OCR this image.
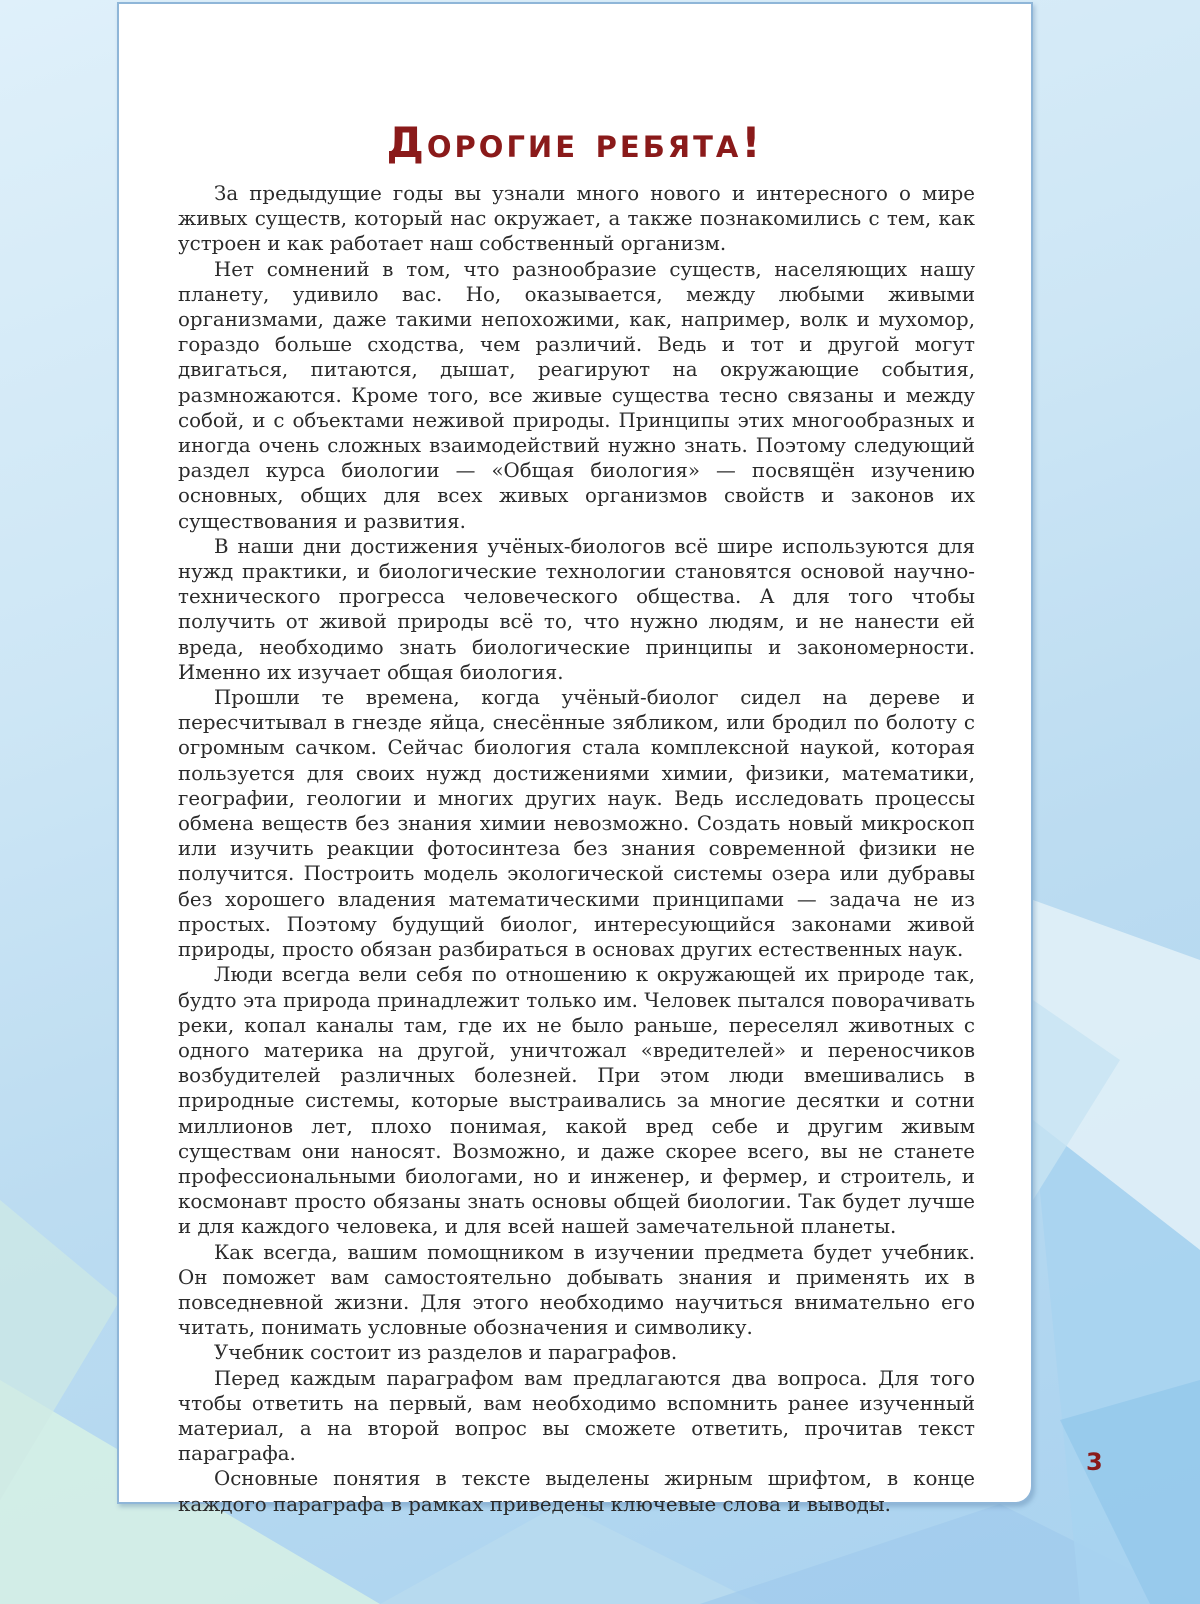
Дорогие ребята!

За предыдущие годы вы узнали много нового и интересного о мире живых существ, который нас окружает, а также познакомились с тем, как устроен и как работает наш собственный организм.

Нет сомнений в том, что разнообразие существ, населяющих нашу планету, удивило вас. Но, оказывается, между любыми живыми организмами, даже такими непохожими, как, например, волк и мухомор, гораздо больше сходства, чем различий. Ведь и тот и другой могут двигаться, питаются, дышат, реагируют на окружающие события, размножаются. Кроме того, все живые существа тесно связаны и между собой, и с объектами неживой природы. Принципы этих многообразных и иногда очень сложных взаимодействий нужно знать. Поэтому следующий раздел курса биологии — «Общая биология» — посвящён изучению основных, общих для всех живых организмов свойств и законов их существования и развития.

В наши дни достижения учёных-биологов всё шире используются для нужд практики, и биологические технологии становятся основой научно-технического прогресса человеческого общества. А для того чтобы получить от живой природы всё то, что нужно людям, и не нанести ей вреда, необходимо знать биологические принципы и закономерности. Именно их изучает общая биология.

Прошли те времена, когда учёный-биолог сидел на дереве и пересчитывал в гнезде яйца, снесённые зябликом, или бродил по болоту с огромным сачком. Сейчас биология стала комплексной наукой, которая пользуется для своих нужд достижениями химии, физики, математики, географии, геологии и многих других наук. Ведь исследовать процессы обмена веществ без знания химии невозможно. Создать новый микроскоп или изучить реакции фотосинтеза без знания современной физики не получится. Построить модель экологической системы озера или дубравы без хорошего владения математическими принципами — задача не из простых. Поэтому будущий биолог, интересующийся законами живой природы, просто обязан разбираться в основах других естественных наук.

Люди всегда вели себя по отношению к окружающей их природе так, будто эта природа принадлежит только им. Человек пытался поворачивать реки, копал каналы там, где их не было раньше, переселял животных с одного материка на другой, уничтожал «вредителей» и переносчиков возбудителей различных болезней. При этом люди вмешивались в природные системы, которые выстраивались за многие десятки и сотни миллионов лет, плохо понимая, какой вред себе и другим живым существам они наносят. Возможно, и даже скорее всего, вы не станете профессиональными биологами, но и инженер, и фермер, и строитель, и космонавт просто обязаны знать основы общей биологии. Так будет лучше и для каждого человека, и для всей нашей замечательной планеты.

Как всегда, вашим помощником в изучении предмета будет учебник. Он поможет вам самостоятельно добывать знания и применять их в повседневной жизни. Для этого необходимо научиться внимательно его читать, понимать условные обозначения и символику.

Учебник состоит из разделов и параграфов.

Перед каждым параграфом вам предлагаются два вопроса. Для того чтобы ответить на первый, вам необходимо вспомнить ранее изученный материал, а на второй вопрос вы сможете ответить, прочитав текст параграфа.

Основные понятия в тексте выделены жирным шрифтом, в конце каждого параграфа в рамках приведены ключевые слова и выводы.

3
